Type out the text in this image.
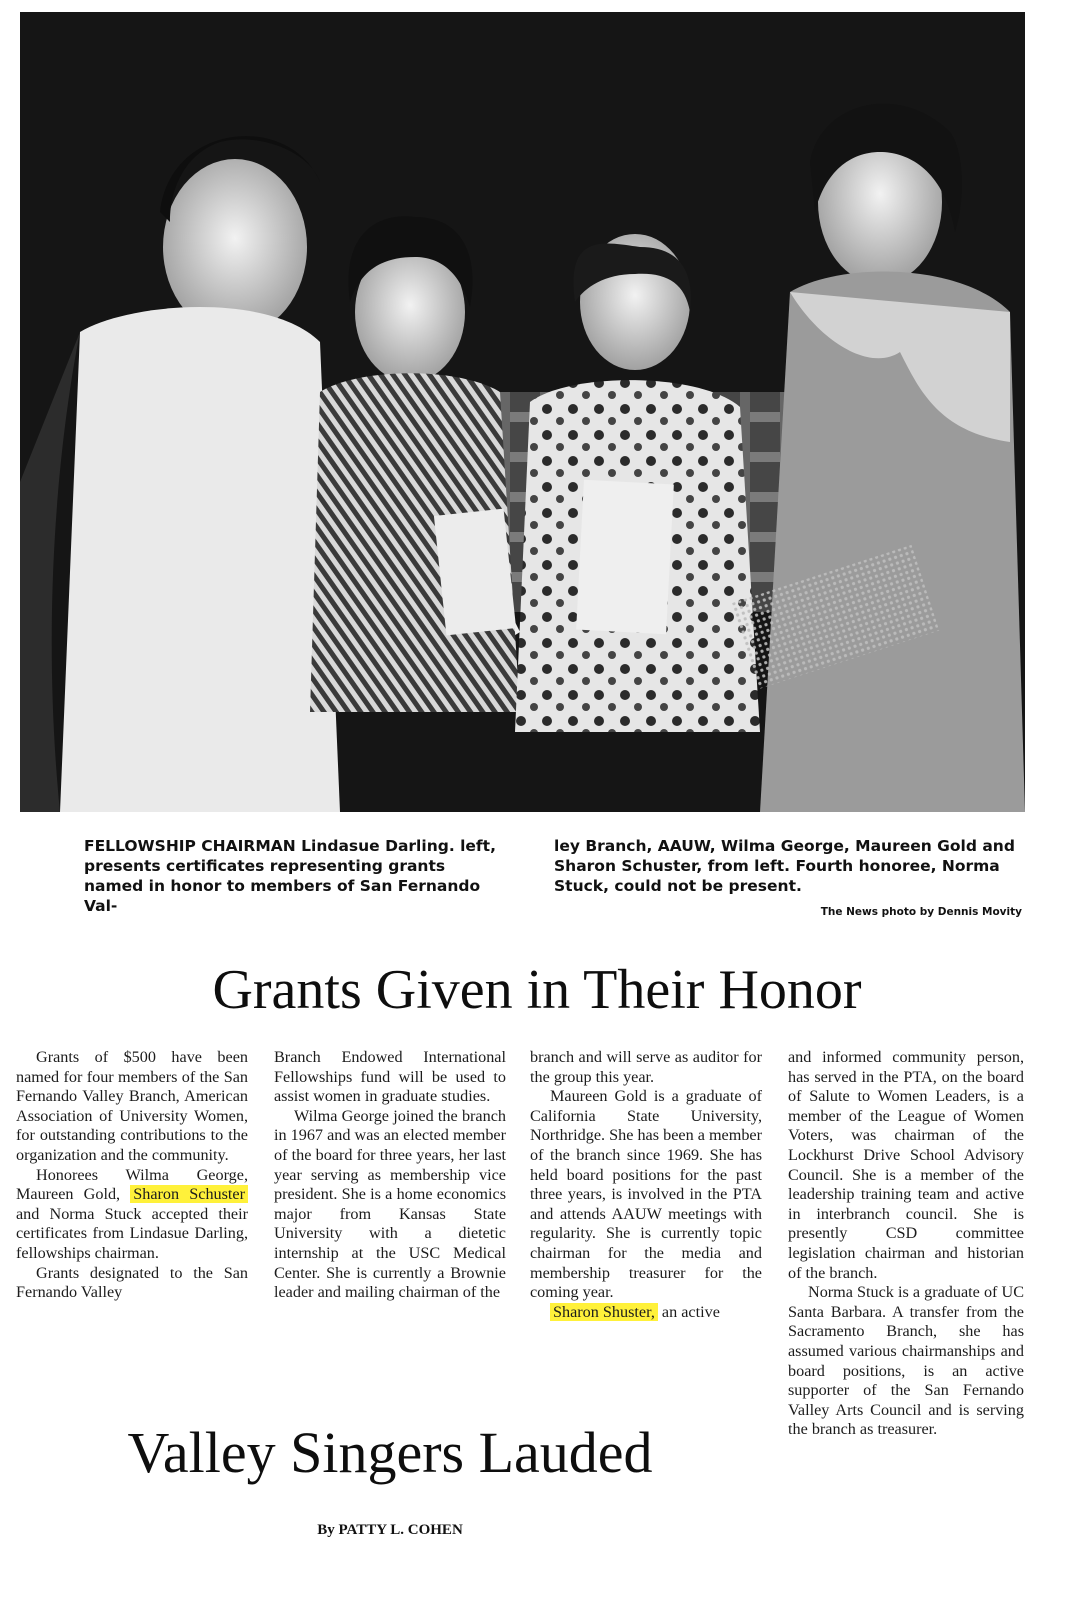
FELLOWSHIP CHAIRMAN Lindasue Darling. left, presents certificates representing grants named in honor to members of San Fernando Val-
ley Branch, AAUW, Wilma George, Maureen Gold and Sharon Schuster, from left. Fourth honoree, Norma Stuck, could not be present.
The News photo by Dennis Movity
Grants Given in Their Honor

Grants of $500 have been named for four members of the San Fernando Valley Branch, American Association of University Women, for outstanding contributions to the organization and the community.

Honorees Wilma George, Maureen Gold, Sharon Schuster and Norma Stuck accepted their certificates from Lindasue Darling, fellowships chairman.

Grants designated to the San Fernando Valley

Branch Endowed International Fellowships fund will be used to assist women in graduate studies.

Wilma George joined the branch in 1967 and was an elected member of the board for three years, her last year serving as membership vice president. She is a home economics major from Kansas State University with a dietetic internship at the USC Medical Center. She is currently a Brownie leader and mailing chairman of the

branch and will serve as auditor for the group this year.

Maureen Gold is a graduate of California State University, Northridge. She has been a member of the branch since 1969. She has held board positions for the past three years, is involved in the PTA and attends AAUW meetings with regularity. She is currently topic chairman for the media and membership treasurer for the coming year.

Sharon Shuster, an active

and informed community person, has served in the PTA, on the board of Salute to Women Leaders, is a member of the League of Women Voters, was chairman of the Lockhurst Drive School Advisory Council. She is a member of the leadership training team and active in interbranch council. She is presently CSD committee legislation chairman and historian of the branch.

Norma Stuck is a graduate of UC Santa Barbara. A transfer from the Sacramento Branch, she has assumed various chairmanships and board positions, is an active supporter of the San Fernando Valley Arts Council and is serving the branch as treasurer.

Valley Singers Lauded
By PATTY L. COHEN
